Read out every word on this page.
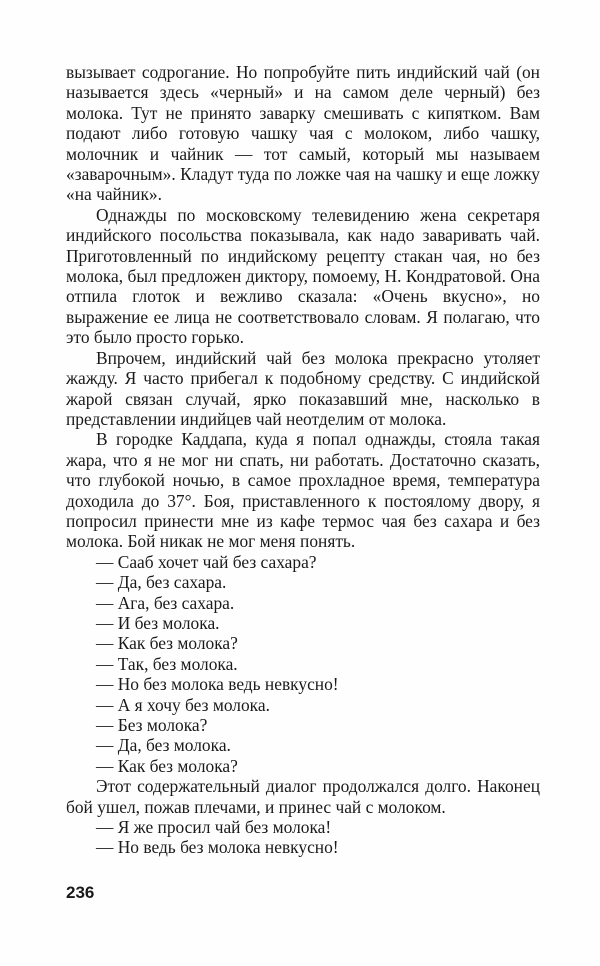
вызывает содрогание. Но попробуйте пить индийский чай (он называется здесь «черный» и на самом деле черный) без молока. Тут не принято заварку смешивать с кипятком. Вам подают либо готовую чашку чая с молоком, либо чашку, молочник и чайник — тот самый, который мы называем «заварочным». Кладут туда по ложке чая на чашку и еще ложку «на чайник».

Однажды по московскому телевидению жена секретаря индийского посольства показывала, как надо заваривать чай. Приготовленный по индийскому рецепту стакан чая, но без молока, был предложен диктору, помоему, Н. Кондратовой. Она отпила глоток и вежливо сказала: «Очень вкусно», но выражение ее лица не соответствовало словам. Я полагаю, что это было просто горько.

Впрочем, индийский чай без молока прекрасно утоляет жажду. Я часто прибегал к подобному средству. С индийской жарой связан случай, ярко показавший мне, насколько в представлении индийцев чай неотделим от молока.

В городке Каддапа, куда я попал однажды, стояла такая жара, что я не мог ни спать, ни работать. Достаточно сказать, что глубокой ночью, в самое прохладное время, температура доходила до 37°. Боя, приставленного к постоялому двору, я попросил принести мне из кафе термос чая без сахара и без молока. Бой никак не мог меня понять.

— Сааб хочет чай без сахара?

— Да, без сахара.

— Ага, без сахара.

— И без молока.

— Как без молока?

— Так, без молока.

— Но без молока ведь невкусно!

— А я хочу без молока.

— Без молока?

— Да, без молока.

— Как без молока?

Этот содержательный диалог продолжался долго. Наконец бой ушел, пожав плечами, и принес чай с молоком.

— Я же просил чай без молока!

— Но ведь без молока невкусно!

236
